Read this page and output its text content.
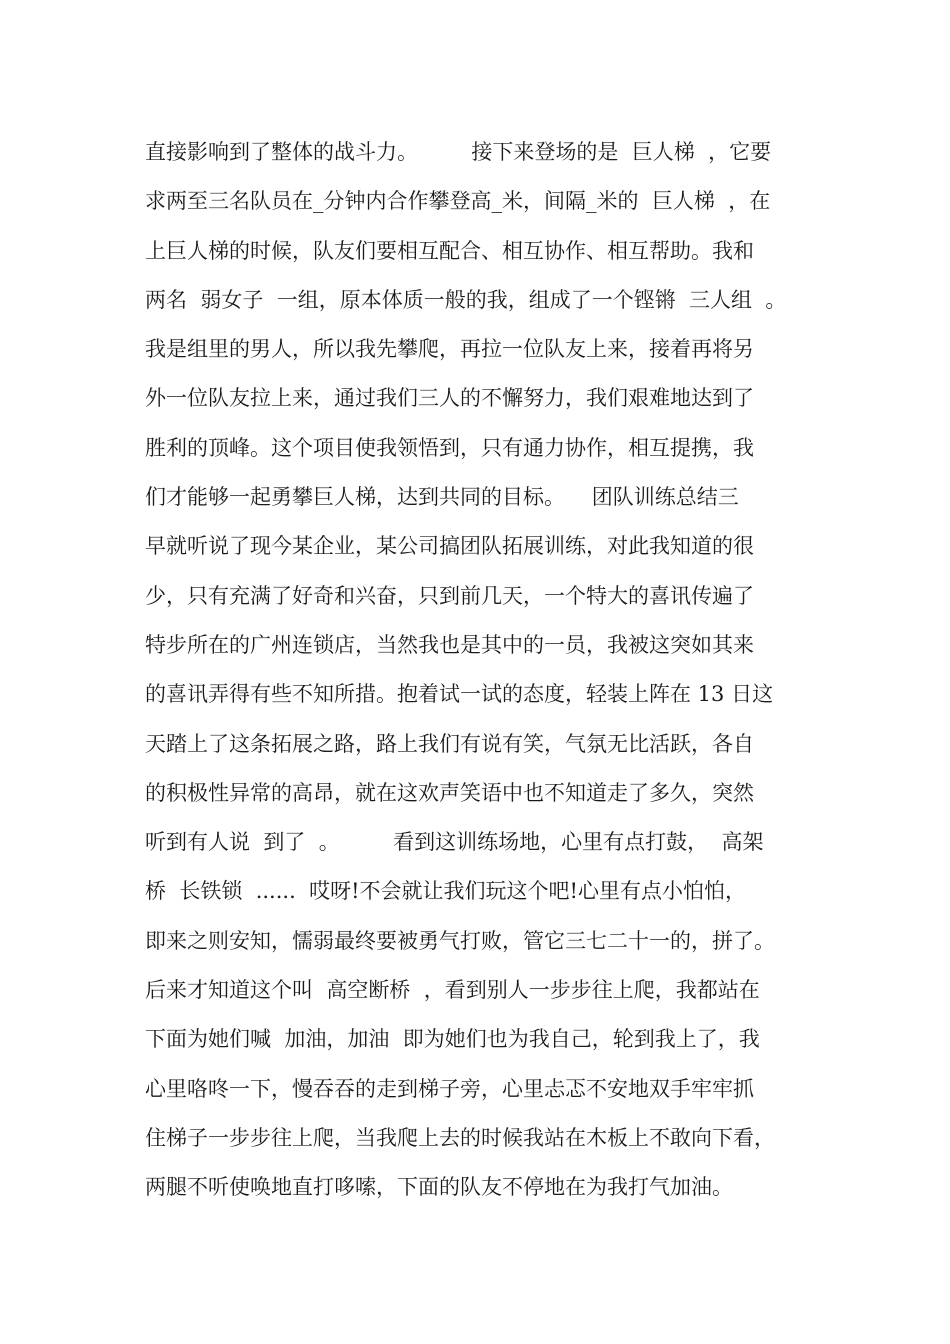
直接影响到了整体的战斗力。        接下来登场的是  巨人梯  ，它要
求两至三名队员在_分钟内合作攀登高_米，间隔_米的  巨人梯  ，在
上巨人梯的时候，队友们要相互配合、相互协作、相互帮助。我和
两名  弱女子  一组，原本体质一般的我，组成了一个铿锵  三人组  。
我是组里的男人，所以我先攀爬，再拉一位队友上来，接着再将另
外一位队友拉上来，通过我们三人的不懈努力，我们艰难地达到了
胜利的顶峰。这个项目使我领悟到，只有通力协作，相互提携，我
们才能够一起勇攀巨人梯，达到共同的目标。    团队训练总结三
早就听说了现今某企业，某公司搞团队拓展训练，对此我知道的很
少，只有充满了好奇和兴奋，只到前几天，一个特大的喜讯传遍了
特步所在的广州连锁店，当然我也是其中的一员，我被这突如其来
的喜讯弄得有些不知所措。抱着试一试的态度，轻装上阵在 13 日这
天踏上了这条拓展之路，路上我们有说有笑，气氛无比活跃，各自
的积极性异常的高昂，就在这欢声笑语中也不知道走了多久，突然
听到有人说  到了  。        看到这训练场地，心里有点打鼓，  高架
桥  长铁锁  ......  哎呀!不会就让我们玩这个吧!心里有点小怕怕，
即来之则安知，懦弱最终要被勇气打败，管它三七二十一的，拼了。
后来才知道这个叫  高空断桥  ，看到别人一步步往上爬，我都站在
下面为她们喊  加油，加油  即为她们也为我自己，轮到我上了，我
心里咯咚一下，慢吞吞的走到梯子旁，心里忐忑不安地双手牢牢抓
住梯子一步步往上爬，当我爬上去的时候我站在木板上不敢向下看，
两腿不听使唤地直打哆嗦，下面的队友不停地在为我打气加油。
